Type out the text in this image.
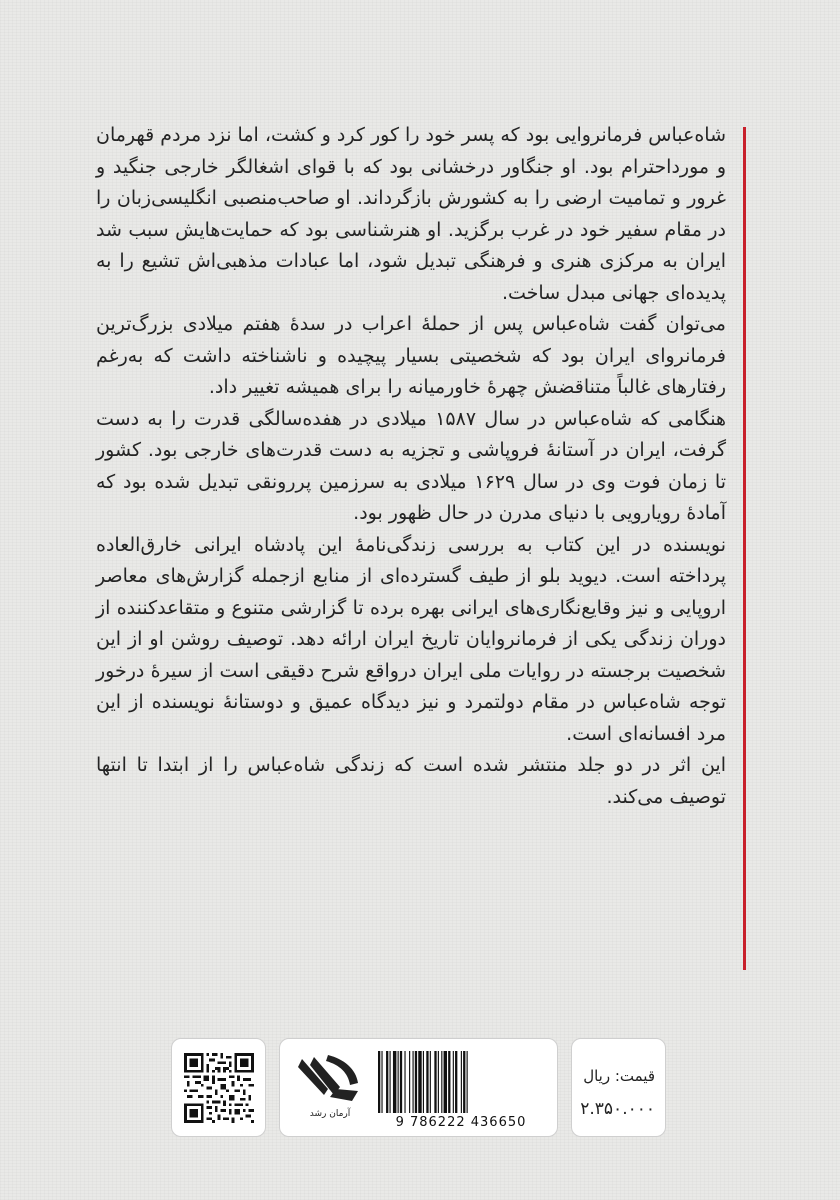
شاه‌عباس فرمانروایی بود که پسر خود را کور کرد و کشت، اما نزد مردم قهرمان و مورداحترام بود. او جنگاور درخشانی بود که با قوای اشغالگر خارجی جنگید و غرور و تمامیت ارضی را به کشورش بازگرداند. او صاحب‌منصبی انگلیسی‌زبان را در مقام سفیر خود در غرب برگزید. او هنرشناسی بود که حمایت‌هایش سبب شد ایران به مرکزی هنری و فرهنگی تبدیل شود، اما عبادات مذهبی‌اش تشیع را به پدیده‌ای جهانی مبدل ساخت.

می‌توان گفت شاه‌عباس پس از حملهٔ اعراب در سدهٔ هفتم میلادی بزرگ‌ترین فرمانروای ایران بود که شخصیتی بسیار پیچیده و ناشناخته داشت که به‌رغم رفتارهای غالباً متناقضش چهرهٔ خاورمیانه را برای همیشه تغییر داد.

هنگامی که شاه‌عباس در سال ۱۵۸۷ میلادی در هفده‌سالگی قدرت را به دست گرفت، ایران در آستانهٔ فروپاشی و تجزیه به دست قدرت‌های خارجی بود. کشور تا زمان فوت وی در سال ۱۶۲۹ میلادی به سرزمین پررونقی تبدیل شده بود که آمادهٔ رویارویی با دنیای مدرن در حال ظهور بود.

نویسنده در این کتاب به بررسی زندگی‌نامهٔ این پادشاه ایرانی خارق‌العاده پرداخته است. دیوید بلو از طیف گسترده‌ای از منابع ازجمله گزارش‌های معاصر اروپایی و نیز وقایع‌نگاری‌های ایرانی بهره برده تا گزارشی متنوع و متقاعدکننده از دوران زندگی یکی از فرمانروایان تاریخ ایران ارائه دهد. توصیف روشن او از این شخصیت برجسته در روایات ملی ایران درواقع شرح دقیقی است از سیرهٔ درخور توجه شاه‌عباس در مقام دولتمرد و نیز دیدگاه عمیق و دوستانهٔ نویسنده از این مرد افسانه‌ای است.

این اثر در دو جلد منتشر شده است که زندگی شاه‌عباس را از ابتدا تا انتها توصیف می‌کند.

آرمان رشد
9 786222 436650
قیمت: ریال
۲.۳۵۰.۰۰۰
